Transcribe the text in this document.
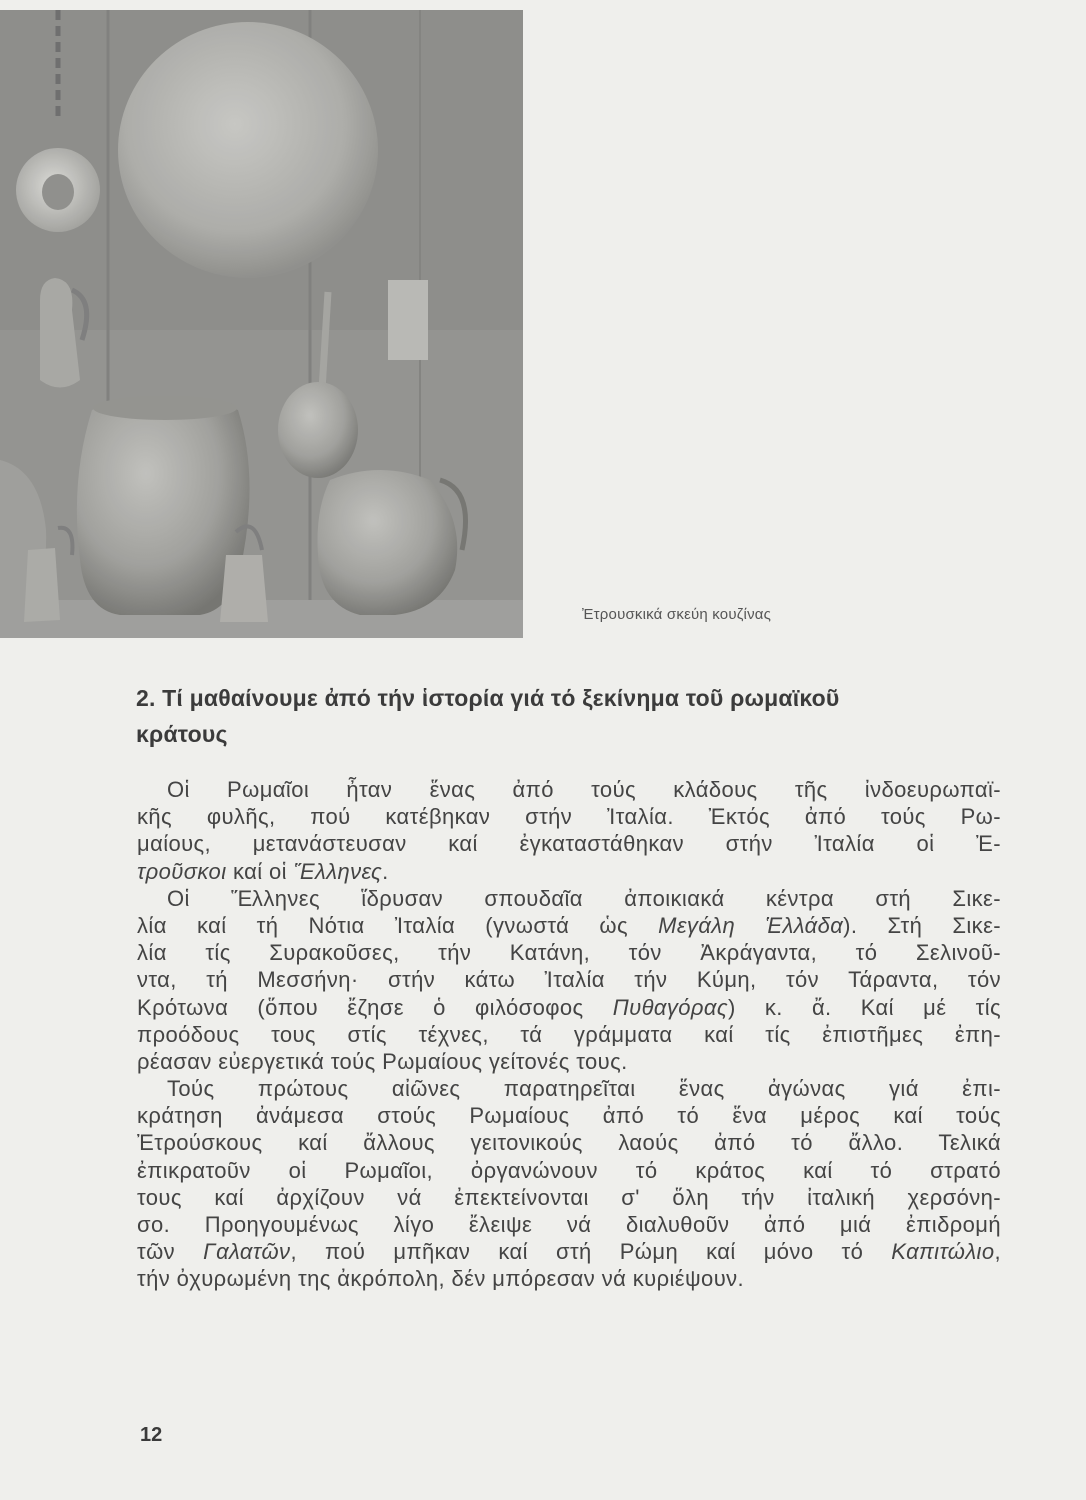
Ἐτρουσκικά σκεύη κουζίνας
2. Τί μαθαίνουμε ἀπό τήν ἱστορία γιά τό ξεκίνημα τοῦ ρωμαϊκοῦ
κράτους
Οἱ Ρωμαῖοι ἦταν ἕνας ἀπό τούς κλάδους τῆς ἰνδοευρωπαϊ-
κῆς φυλῆς, πού κατέβηκαν στήν Ἰταλία. Ἐκτός ἀπό τούς Ρω-
μαίους, μετανάστευσαν καί ἐγκαταστάθηκαν στήν Ἰταλία οἱ Ἐ-
τροῦσκοι καί οἱ Ἕλληνες.
Οἱ Ἕλληνες ἵδρυσαν σπουδαῖα ἀποικιακά κέντρα στή Σικε-
λία καί τή Νότια Ἰταλία (γνωστά ὡς Μεγάλη Ἑλλάδα). Στή Σικε-
λία τίς Συρακοῦσες, τήν Κατάνη, τόν Ἀκράγαντα, τό Σελινοῦ-
ντα, τή Μεσσήνη· στήν κάτω Ἰταλία τήν Κύμη, τόν Τάραντα, τόν
Κρότωνα (ὅπου ἔζησε ὁ φιλόσοφος Πυθαγόρας) κ. ἄ. Καί μέ τίς
προόδους τους στίς τέχνες, τά γράμματα καί τίς ἐπιστῆμες ἐπη-
ρέασαν εὐεργετικά τούς Ρωμαίους γείτονές τους.
Τούς πρώτους αἰῶνες παρατηρεῖται ἕνας ἀγώνας γιά ἐπι-
κράτηση ἀνάμεσα στούς Ρωμαίους ἀπό τό ἕνα μέρος καί τούς
Ἐτρούσκους καί ἄλλους γειτονικούς λαούς ἀπό τό ἄλλο. Τελικά
ἐπικρατοῦν οἱ Ρωμαῖοι, ὀργανώνουν τό κράτος καί τό στρατό
τους καί ἀρχίζουν νά ἐπεκτείνονται σ' ὅλη τήν ἰταλική χερσόνη-
σο. Προηγουμένως λίγο ἔλειψε νά διαλυθοῦν ἀπό μιά ἐπιδρομή
τῶν Γαλατῶν, πού μπῆκαν καί στή Ρώμη καί μόνο τό Καπιτώλιο,
τήν ὀχυρωμένη της ἀκρόπολη, δέν μπόρεσαν νά κυριέψουν.
12
